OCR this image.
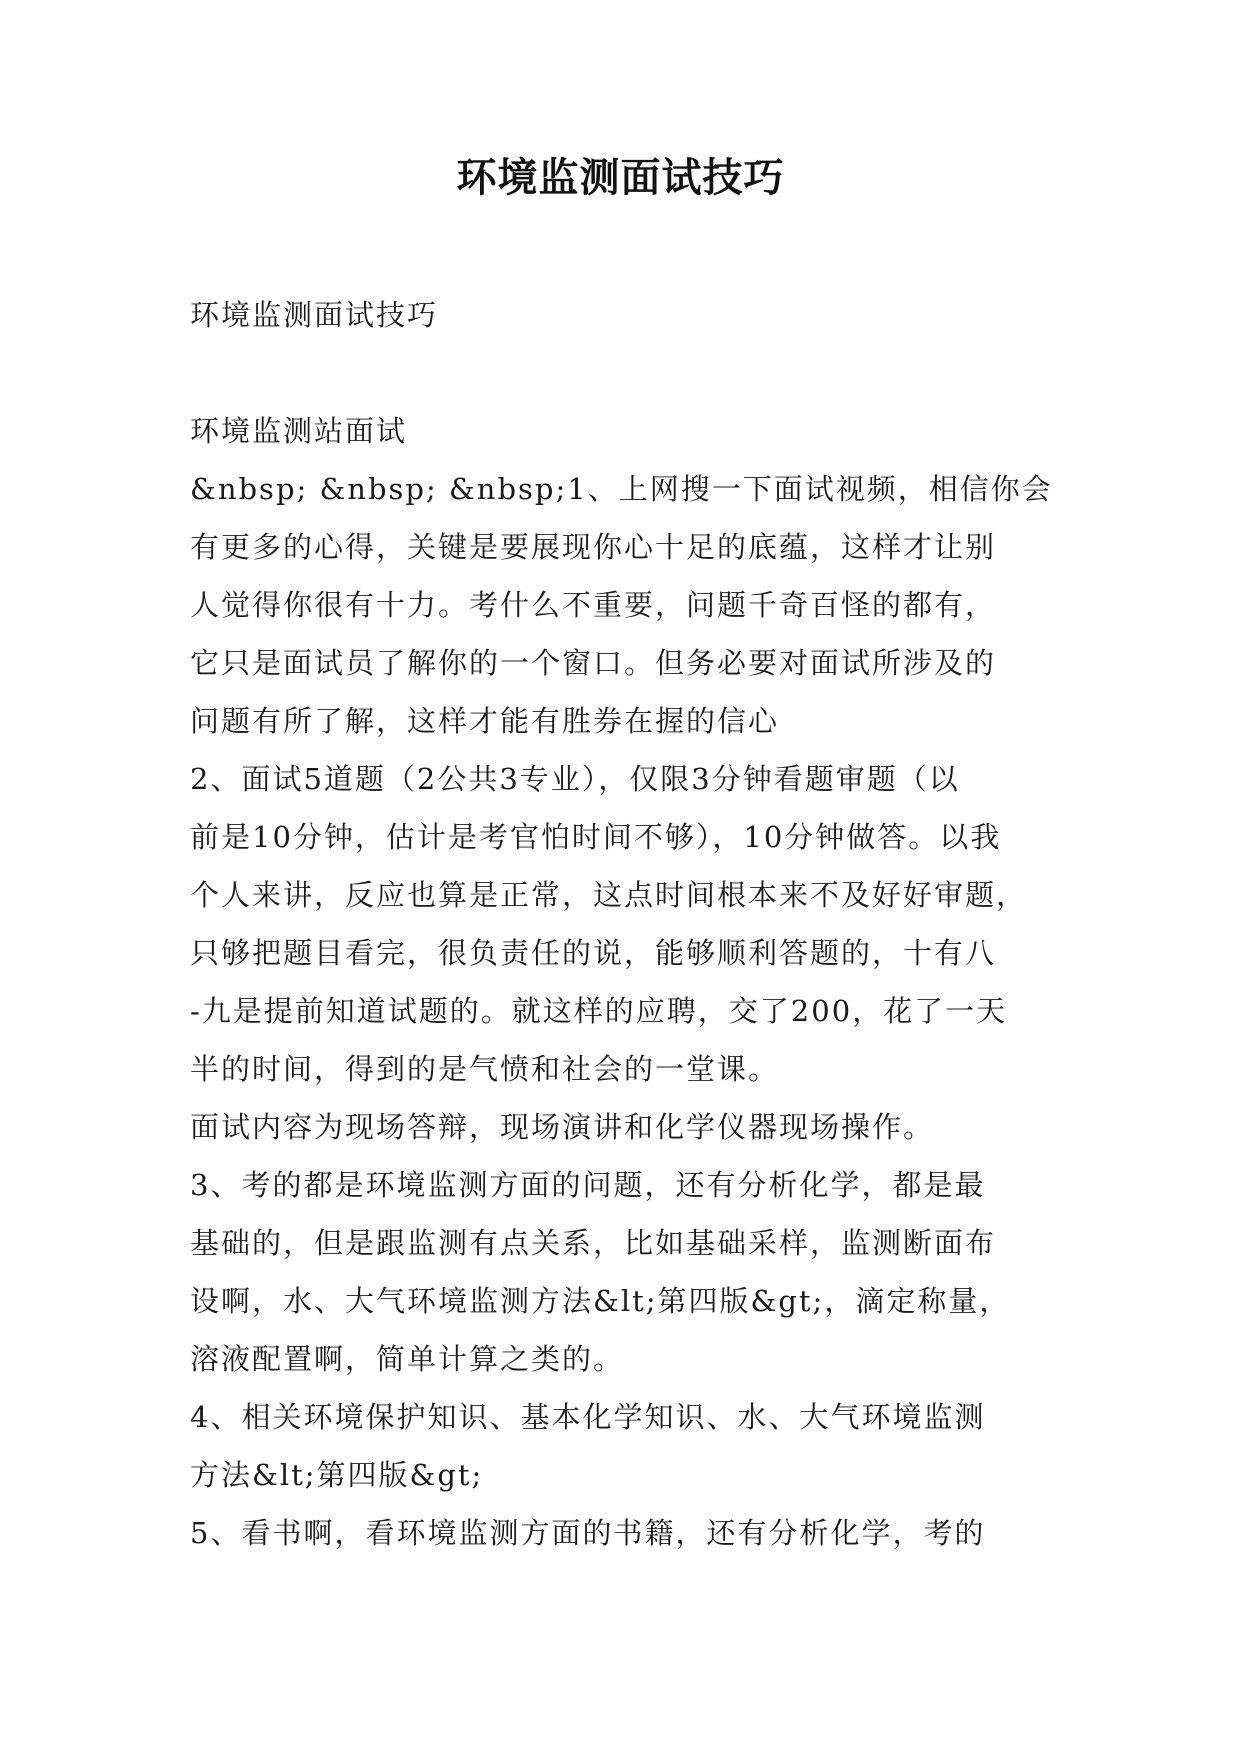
环境监测面试技巧
环境监测面试技巧
环境监测站面试
&nbsp; &nbsp; &nbsp;1、上网搜一下面试视频，相信你会
有更多的心得，关键是要展现你心十足的底蕴，这样才让别
人觉得你很有十力。考什么不重要，问题千奇百怪的都有，
它只是面试员了解你的一个窗口。但务必要对面试所涉及的
问题有所了解，这样才能有胜券在握的信心
2、面试5道题（2公共3专业），仅限3分钟看题审题（以
前是10分钟，估计是考官怕时间不够），10分钟做答。以我
个人来讲，反应也算是正常，这点时间根本来不及好好审题，
只够把题目看完，很负责任的说，能够顺利答题的，十有八
-九是提前知道试题的。就这样的应聘，交了200，花了一天
半的时间，得到的是气愤和社会的一堂课。
面试内容为现场答辩，现场演讲和化学仪器现场操作。
3、考的都是环境监测方面的问题，还有分析化学，都是最
基础的，但是跟监测有点关系，比如基础采样，监测断面布
设啊，水、大气环境监测方法&lt;第四版&gt;，滴定称量，
溶液配置啊，简单计算之类的。
4、相关环境保护知识、基本化学知识、水、大气环境监测
方法&lt;第四版&gt;
5、看书啊，看环境监测方面的书籍，还有分析化学，考的
